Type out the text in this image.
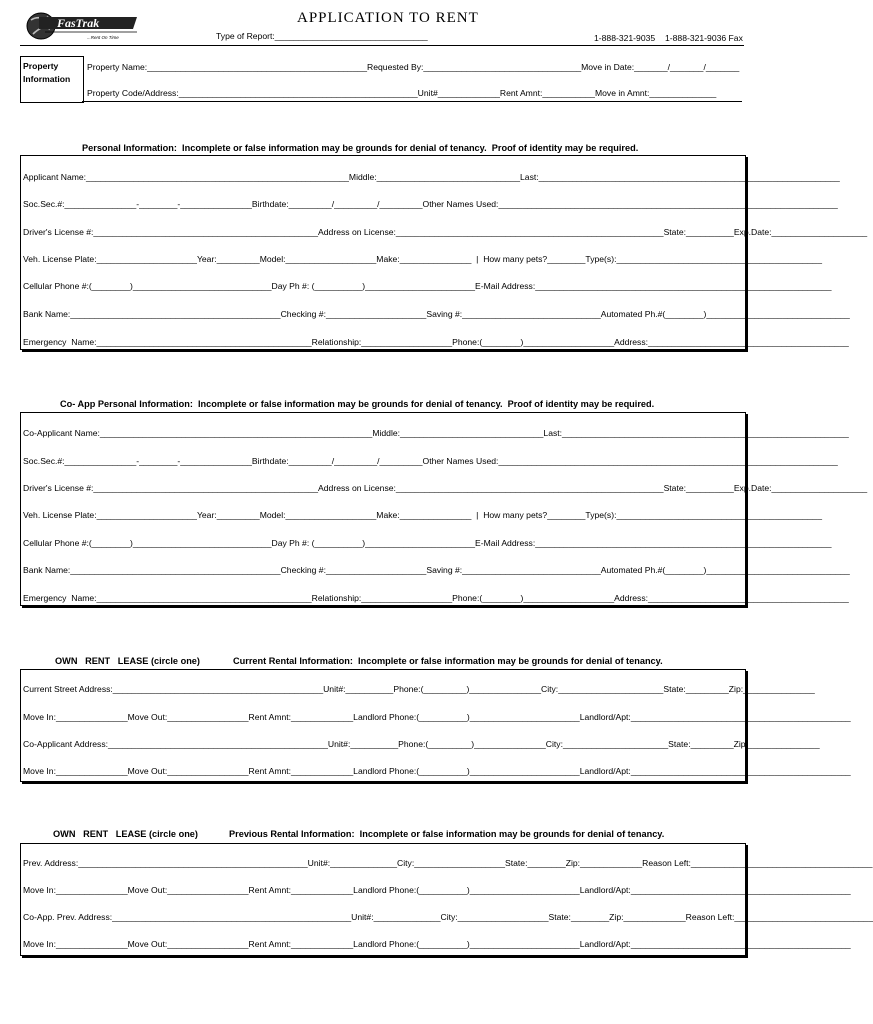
FasTrak
...Rent On Time
APPLICATION TO RENT
Type of Report:________________________________	1-888-321-9035 1-888-321-9036 Fax
Property
Information
Property Name:______________________________________________Requested By:_________________________________Move in Date:_______/_______/_______
Property Code/Address:__________________________________________________Unit#_____________Rent Amnt:___________Move in Amnt:______________
Personal Information:  Incomplete or false information may be grounds for denial of tenancy.  Proof of identity may be required.
Applicant Name:_______________________________________________________Middle:______________________________Last:_______________________________________________________________
Soc.Sec.#:_______________-________-_______________Birthdate:_________/_________/_________Other Names Used:_______________________________________________________________________
Driver's License #:_______________________________________________Address on License:________________________________________________________State:__________Exp.Date:____________________
Veh. License Plate:_____________________Year:_________Model:___________________Make:_______________  |  How many pets?________Type(s):___________________________________________
Cellular Phone #:(________)_____________________________Day Ph #: (__________)_______________________E-Mail Address:______________________________________________________________
Bank Name:____________________________________________Checking #:_____________________Saving #:_____________________________Automated Ph.#(________)______________________________
Emergency  Name:_____________________________________________Relationship:___________________Phone:(________)___________________Address:__________________________________________
Co- App Personal Information:  Incomplete or false information may be grounds for denial of tenancy.  Proof of identity may be required.
Co-Applicant Name:_________________________________________________________Middle:______________________________Last:____________________________________________________________
Soc.Sec.#:_______________-________-_______________Birthdate:_________/_________/_________Other Names Used:_______________________________________________________________________
Driver's License #:_______________________________________________Address on License:________________________________________________________State:__________Exp.Date:____________________
Veh. License Plate:_____________________Year:_________Model:___________________Make:_______________  |  How many pets?________Type(s):___________________________________________
Cellular Phone #:(________)_____________________________Day Ph #: (__________)_______________________E-Mail Address:______________________________________________________________
Bank Name:____________________________________________Checking #:_____________________Saving #:_____________________________Automated Ph.#(________)______________________________
Emergency  Name:_____________________________________________Relationship:___________________Phone:(________)___________________Address:__________________________________________
OWN   RENT   LEASE (circle one)	Current Rental Information:  Incomplete or false information may be grounds for denial of tenancy.
Current Street Address:____________________________________________Unit#:__________Phone:(_________)_______________City:______________________State:_________Zip:_______________
Move In:_______________Move Out:_________________Rent Amnt:_____________Landlord Phone:(__________)_______________________Landlord/Apt:______________________________________________
Co-Applicant Address:______________________________________________Unit#:__________Phone:(_________)_______________City:______________________State:_________Zip:_______________
Move In:_______________Move Out:_________________Rent Amnt:_____________Landlord Phone:(__________)_______________________Landlord/Apt:______________________________________________
OWN   RENT   LEASE (circle one)	Previous Rental Information:  Incomplete or false information may be grounds for denial of tenancy.
Prev. Address:________________________________________________Unit#:______________City:___________________State:________Zip:_____________Reason Left:______________________________________
Move In:_______________Move Out:_________________Rent Amnt:_____________Landlord Phone:(__________)_______________________Landlord/Apt:______________________________________________
Co-App. Prev. Address:__________________________________________________Unit#:______________City:___________________State:________Zip:_____________Reason Left:_____________________________
Move In:_______________Move Out:_________________Rent Amnt:_____________Landlord Phone:(__________)_______________________Landlord/Apt:______________________________________________
